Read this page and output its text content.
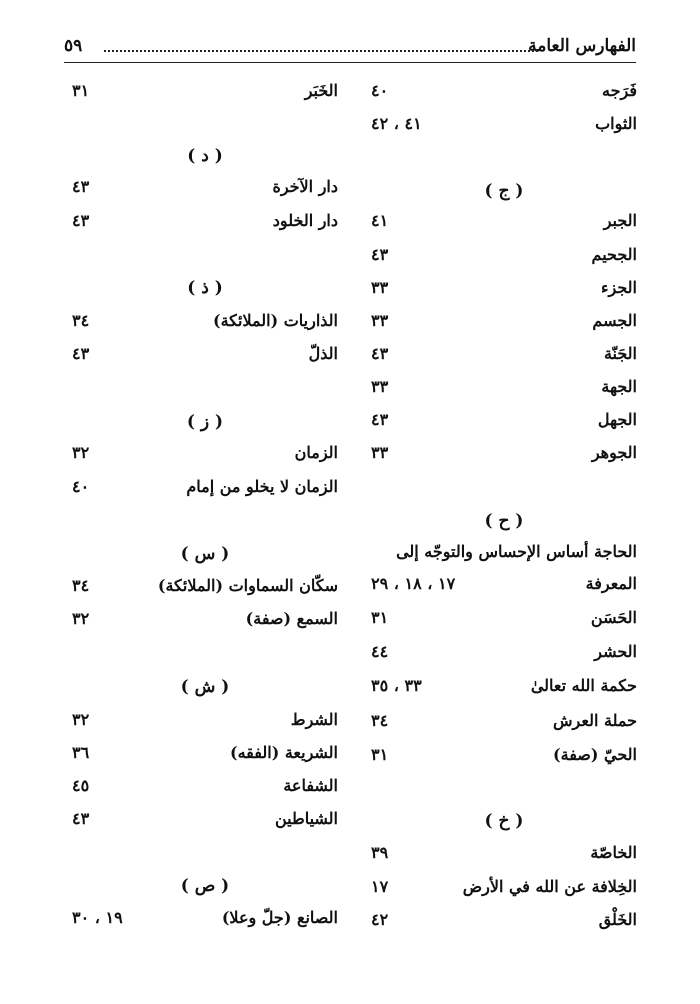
الفهارس العامة
٥٩
فَرَجه
٤٠
الثواب
٤١ ، ٤٢
( ج )
الجبر
٤١
الجحيم
٤٣
الجزء
٣٣
الجسم
٣٣
الجَنّة
٤٣
الجهة
٣٣
الجهل
٤٣
الجوهر
٣٣
( ح )
الحاجة أساس الإحساس والتوجّه إلى
المعرفة
١٧ ، ١٨ ، ٢٩
الحَسَن
٣١
الحشر
٤٤
حكمة الله تعالىٰ
٣٣ ، ٣٥
حملة العرش
٣٤
الحيّ (صفة)
٣١
( خ )
الخاصّة
٣٩
الخِلافة عن الله في الأرض
١٧
الخَلْق
٤٢
الخَبَر
٣١
( د )
دار الآخرة
٤٣
دار الخلود
٤٣
( ذ )
الذاريات (الملائكة)
٣٤
الذلّ
٤٣
( ز )
الزمان
٣٢
الزمان لا يخلو من إمام
٤٠
( س )
سكّان السماوات (الملائكة)
٣٤
السمع (صفة)
٣٢
( ش )
الشرط
٣٢
الشريعة (الفقه)
٣٦
الشفاعة
٤٥
الشياطين
٤٣
( ص )
الصانع (جلّ وعلا)
١٩ ، ٣٠
